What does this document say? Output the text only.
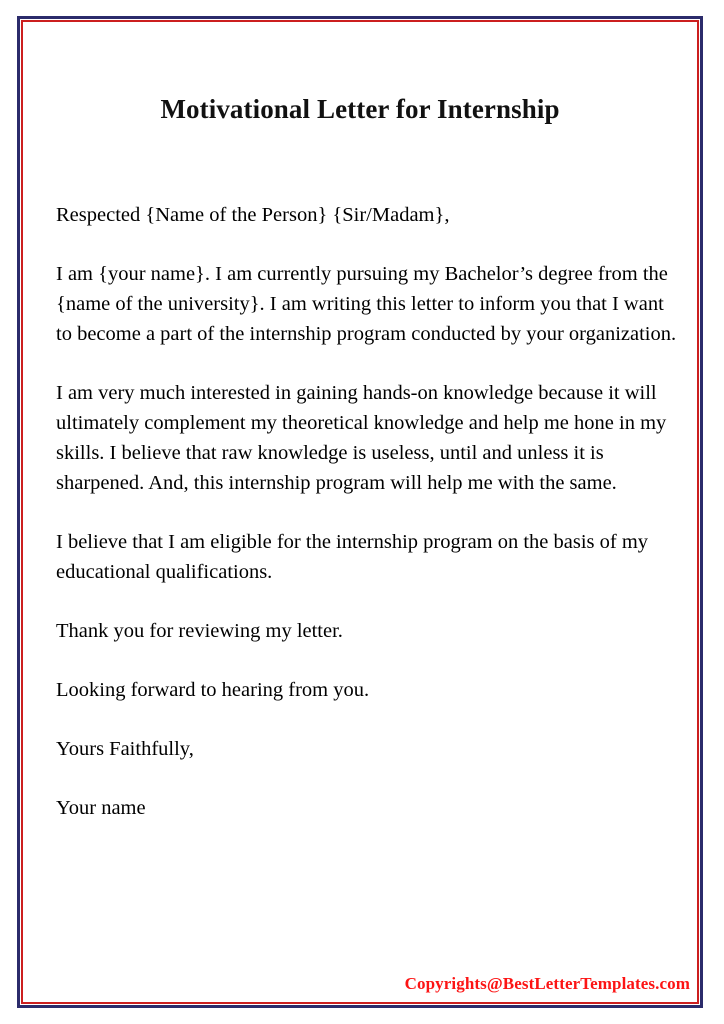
Motivational Letter for Internship

Respected {Name of the Person} {Sir/Madam},

I am {your name}. I am currently pursuing my Bachelor’s degree from the {name of the university}. I am writing this letter to inform you that I want to become a part of the internship program conducted by your organization.

I am very much interested in gaining hands-on knowledge because it will ultimately complement my theoretical knowledge and help me hone in my skills. I believe that raw knowledge is useless, until and unless it is sharpened. And, this internship program will help me with the same.

I believe that I am eligible for the internship program on the basis of my educational qualifications.

Thank you for reviewing my letter.

Looking forward to hearing from you.

Yours Faithfully,

Your name

Copyrights@BestLetterTemplates.com
